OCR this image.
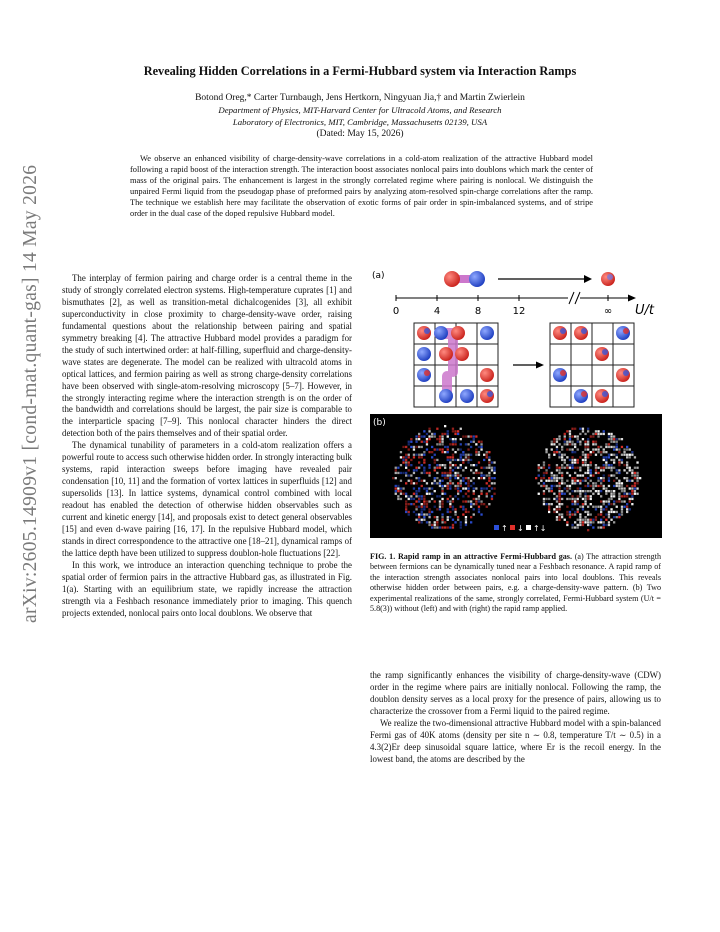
arXiv:2605.14909v1 [cond-mat.quant-gas] 14 May 2026
Revealing Hidden Correlations in a Fermi-Hubbard system via Interaction Ramps
Botond Oreg,* Carter Turnbaugh, Jens Hertkorn, Ningyuan Jia,† and Martin Zwierlein
Department of Physics, MIT-Harvard Center for Ultracold Atoms, and Research
Laboratory of Electronics, MIT, Cambridge, Massachusetts 02139, USA
(Dated: May 15, 2026)
We observe an enhanced visibility of charge-density-wave correlations in a cold-atom realization of the attractive Hubbard model following a rapid boost of the interaction strength. The interaction boost associates nonlocal pairs into doublons which mark the center of mass of the original pairs. The enhancement is largest in the strongly correlated regime where pairing is nonlocal. We distinguish the unpaired Fermi liquid from the pseudogap phase of preformed pairs by analyzing atom-resolved spin-charge correlations after the ramp. The technique we establish here may facilitate the observation of exotic forms of pair order in spin-imbalanced systems, and of stripe order in the dual case of the doped repulsive Hubbard model.

The interplay of fermion pairing and charge order is a central theme in the study of strongly correlated electron systems. High-temperature cuprates [1] and bismuthates [2], as well as transition-metal dichalcogenides [3], all exhibit superconductivity in close proximity to charge-density-wave order, raising fundamental questions about the relationship between pairing and spatial symmetry breaking [4]. The attractive Hubbard model provides a paradigm for the study of such intertwined order: at half-filling, superfluid and charge-density-wave states are degenerate. The model can be realized with ultracold atoms in optical lattices, and fermion pairing as well as strong charge-density correlations have been observed with single-atom-resolving microscopy [5–7]. However, in the strongly interacting regime where the interaction strength is on the order of the bandwidth and correlations should be largest, the pair size is comparable to the interparticle spacing [7–9]. This nonlocal character hinders the direct detection both of the pairs themselves and of their spatial order.

The dynamical tunability of parameters in a cold-atom realization offers a powerful route to access such otherwise hidden order. In strongly interacting bulk systems, rapid interaction sweeps before imaging have revealed pair condensation [10, 11] and the formation of vortex lattices in superfluids [12] and supersolids [13]. In lattice systems, dynamical control combined with local readout has enabled the detection of otherwise hidden observables such as current and kinetic energy [14], and proposals exist to detect general observables [15] and even d-wave pairing [16, 17]. In the repulsive Hubbard model, which stands in direct correspondence to the attractive one [18–21], dynamical ramps of the lattice depth have been utilized to suppress doublon-hole fluctuations [22].

In this work, we introduce an interaction quenching technique to probe the spatial order of fermion pairs in the attractive Hubbard gas, as illustrated in Fig. 1(a). Starting with an equilibrium state, we rapidly increase the attraction strength via a Feshbach resonance immediately prior to imaging. This quench projects extended, nonlocal pairs onto local doublons. We observe that

(a)
0	4	8	12	∞ U/t
(b)
↑ ↓ ↑↓
FIG. 1. Rapid ramp in an attractive Fermi-Hubbard gas. (a) The attraction strength between fermions can be dynamically tuned near a Feshbach resonance. A rapid ramp of the interaction strength associates nonlocal pairs into local doublons. This reveals otherwise hidden order between pairs, e.g. a charge-density-wave pattern. (b) Two experimental realizations of the same, strongly correlated, Fermi-Hubbard system (U/t = 5.8(3)) without (left) and with (right) the rapid ramp applied.

the ramp significantly enhances the visibility of charge-density-wave (CDW) order in the regime where pairs are initially nonlocal. Following the ramp, the doublon density serves as a local proxy for the presence of pairs, allowing us to characterize the crossover from a Fermi liquid to the paired regime.

We realize the two-dimensional attractive Hubbard model with a spin-balanced Fermi gas of 40K atoms (density per site n ∼ 0.8, temperature T/t ∼ 0.5) in a 4.3(2)Er deep sinusoidal square lattice, where Er is the recoil energy. In the lowest band, the atoms are described by the
